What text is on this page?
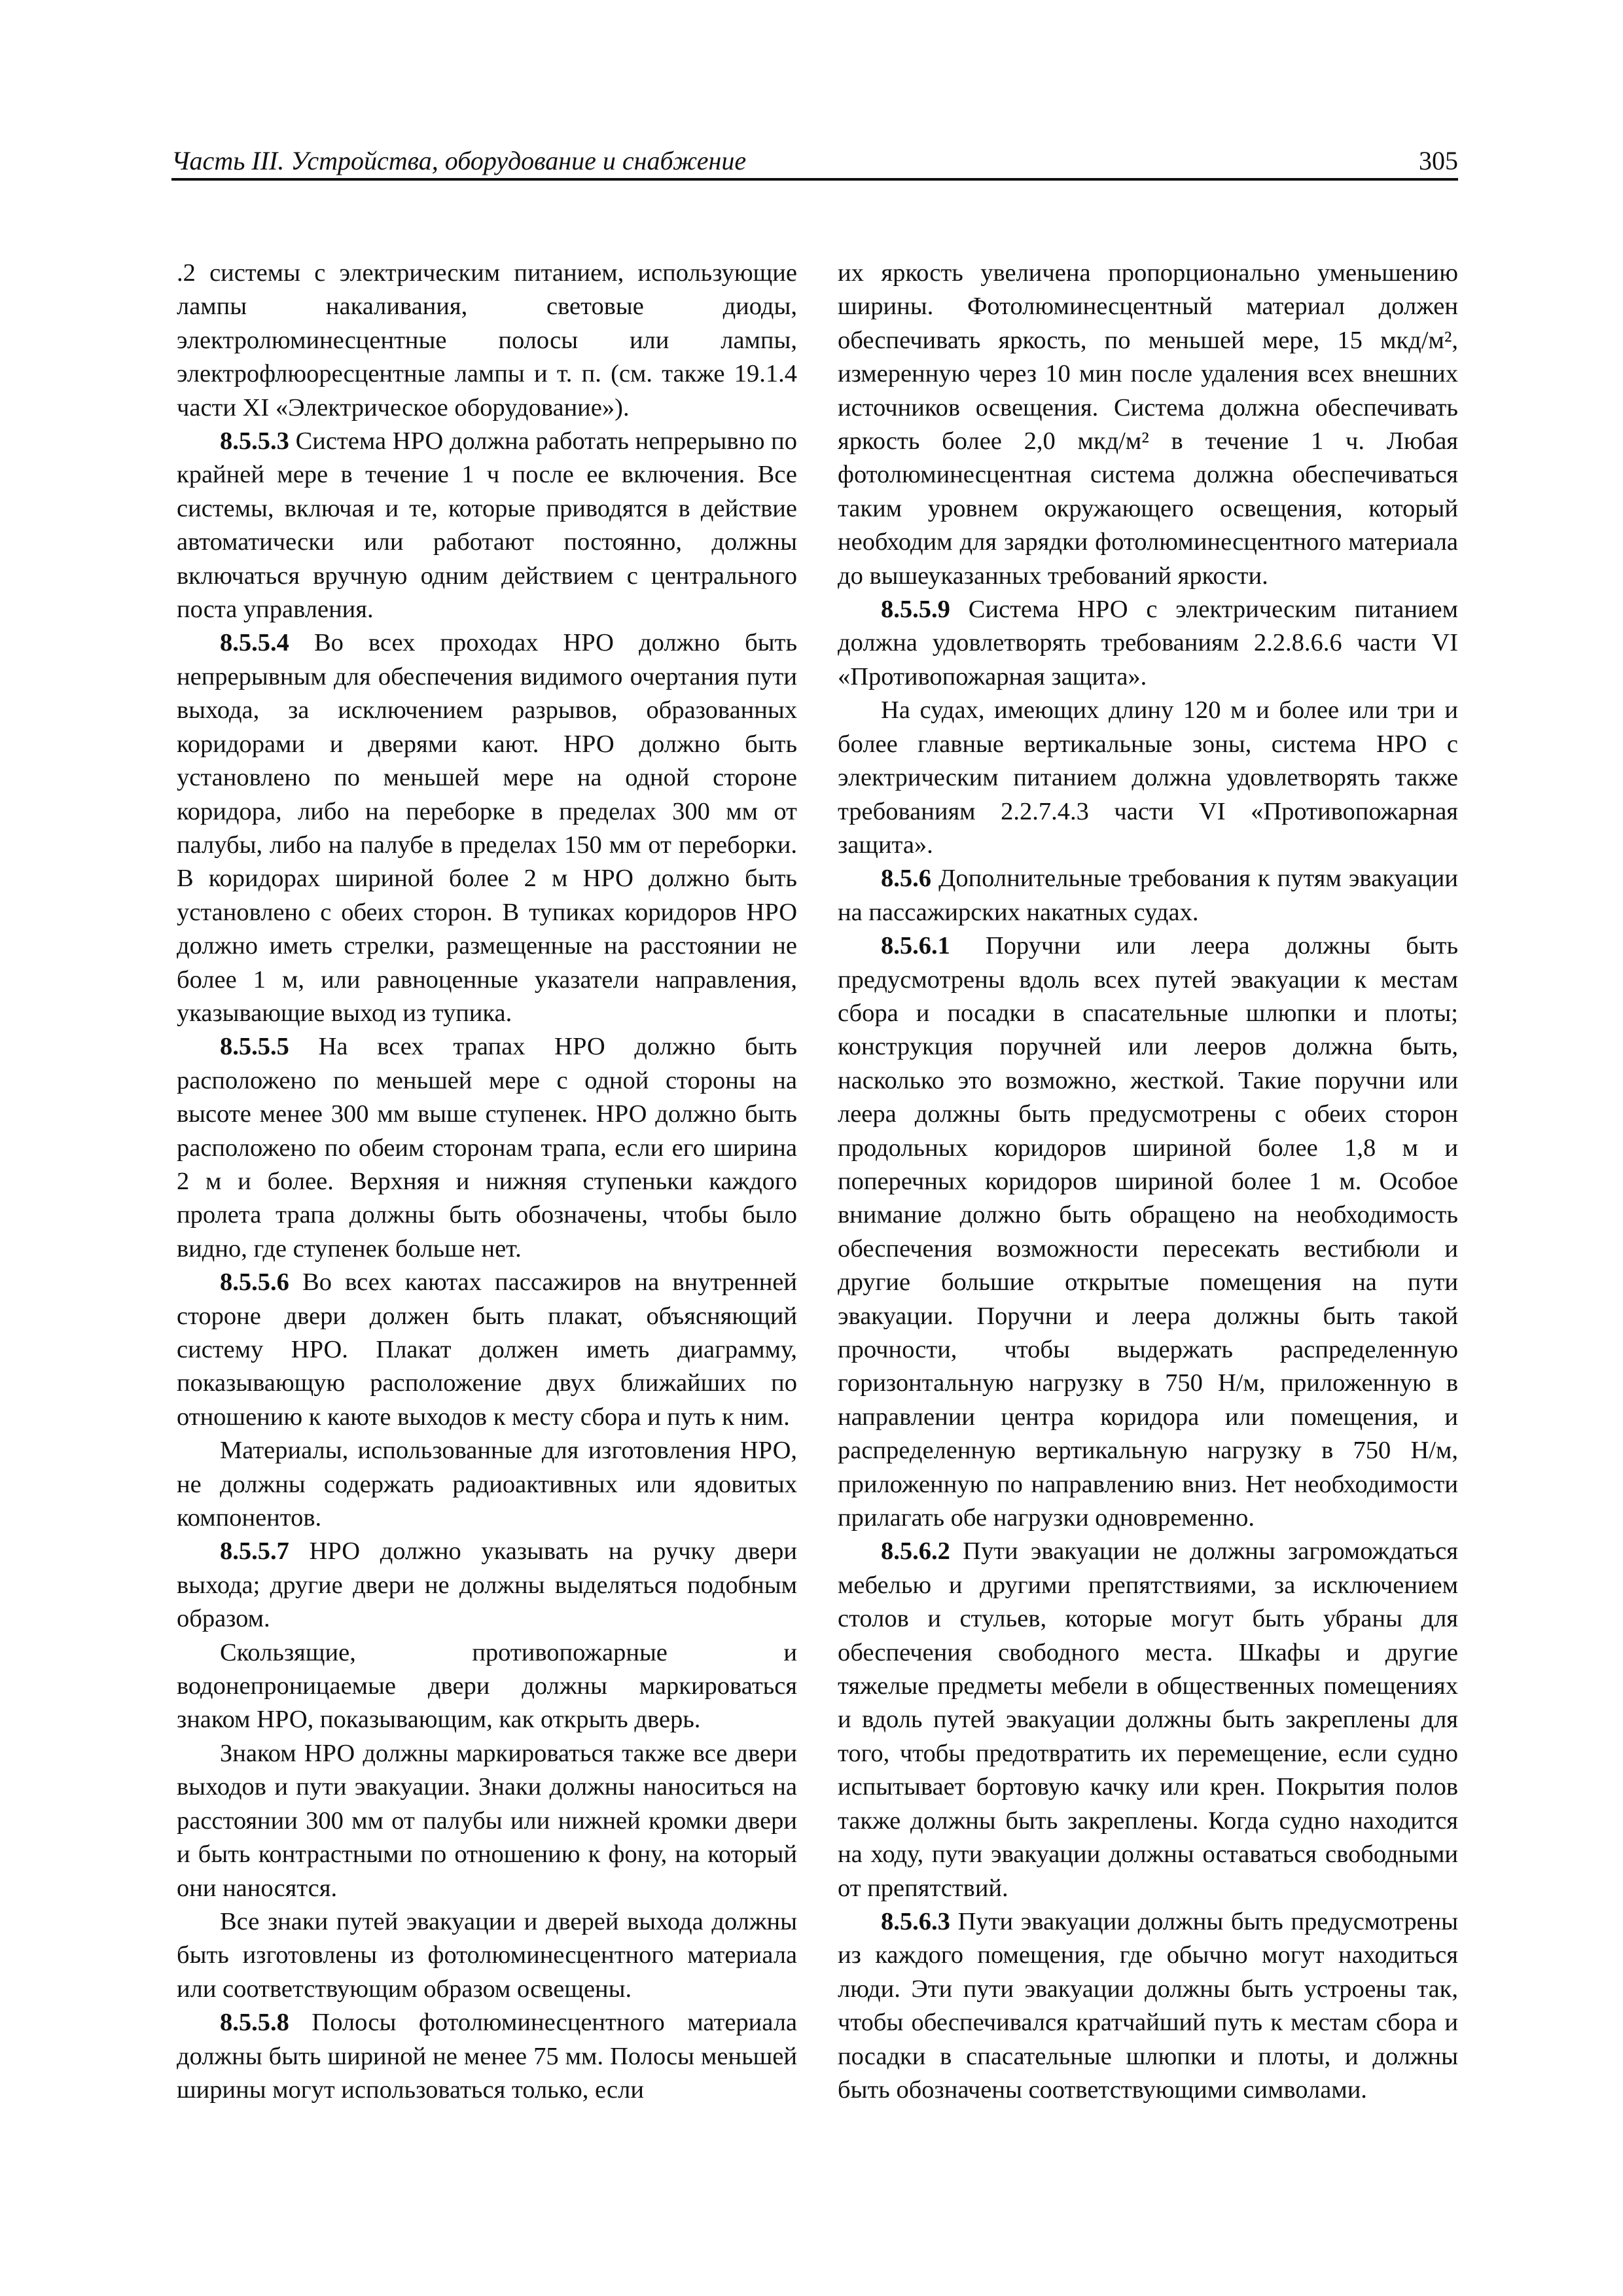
Часть III. Устройства, оборудование и снабжение	305

.2 системы с электрическим питанием, использующие лампы накаливания, световые диоды, электролюминесцентные полосы или лампы, электрофлюоресцентные лампы и т. п. (см. также 19.1.4 части XI «Электрическое оборудование»).

8.5.5.3 Система НРО должна работать непрерывно по крайней мере в течение 1 ч после ее включения. Все системы, включая и те, которые приводятся в действие автоматически или работают постоянно, должны включаться вручную одним действием с центрального поста управления.

8.5.5.4 Во всех проходах НРО должно быть непрерывным для обеспечения видимого очертания пути выхода, за исключением разрывов, образованных коридорами и дверями кают. НРО должно быть установлено по меньшей мере на одной стороне коридора, либо на переборке в пределах 300 мм от палубы, либо на палубе в пределах 150 мм от переборки. В коридорах шириной более 2 м НРО должно быть установлено с обеих сторон. В тупиках коридоров НРО должно иметь стрелки, размещенные на расстоянии не более 1 м, или равноценные указатели направления, указывающие выход из тупика.

8.5.5.5 На всех трапах НРО должно быть расположено по меньшей мере с одной стороны на высоте менее 300 мм выше ступенек. НРО должно быть расположено по обеим сторонам трапа, если его ширина 2 м и более. Верхняя и нижняя ступеньки каждого пролета трапа должны быть обозначены, чтобы было видно, где ступенек больше нет.

8.5.5.6 Во всех каютах пассажиров на внутренней стороне двери должен быть плакат, объясняющий систему НРО. Плакат должен иметь диаграмму, показывающую расположение двух ближайших по отношению к каюте выходов к месту сбора и путь к ним.

Материалы, использованные для изготовления НРО, не должны содержать радиоактивных или ядовитых компонентов.

8.5.5.7 НРО должно указывать на ручку двери выхода; другие двери не должны выделяться подобным образом.

Скользящие, противопожарные и водонепроницаемые двери должны маркироваться знаком НРО, показывающим, как открыть дверь.

Знаком НРО должны маркироваться также все двери выходов и пути эвакуации. Знаки должны наноситься на расстоянии 300 мм от палубы или нижней кромки двери и быть контрастными по отношению к фону, на который они наносятся.

Все знаки путей эвакуации и дверей выхода должны быть изготовлены из фотолюминесцентного материала или соответствующим образом освещены.

8.5.5.8 Полосы фотолюминесцентного материала должны быть шириной не менее 75 мм. Полосы меньшей ширины могут использоваться только, если

их яркость увеличена пропорционально уменьшению ширины. Фотолюминесцентный материал должен обеспечивать яркость, по меньшей мере, 15 мкд/м², измеренную через 10 мин после удаления всех внешних источников освещения. Система должна обеспечивать яркость более 2,0 мкд/м² в течение 1 ч. Любая фотолюминесцентная система должна обеспечиваться таким уровнем окружающего освещения, который необходим для зарядки фотолюминесцентного материала до вышеуказанных требований яркости.

8.5.5.9 Система НРО с электрическим питанием должна удовлетворять требованиям 2.2.8.6.6 части VI «Противопожарная защита».

На судах, имеющих длину 120 м и более или три и более главные вертикальные зоны, система НРО с электрическим питанием должна удовлетворять также требованиям 2.2.7.4.3 части VI «Противопожарная защита».

8.5.6 Дополнительные требования к путям эвакуации на пассажирских накатных судах.

8.5.6.1 Поручни или леера должны быть предусмотрены вдоль всех путей эвакуации к местам сбора и посадки в спасательные шлюпки и плоты; конструкция поручней или лееров должна быть, насколько это возможно, жесткой. Такие поручни или леера должны быть предусмотрены с обеих сторон продольных коридоров шириной более 1,8 м и поперечных коридоров шириной более 1 м. Особое внимание должно быть обращено на необходимость обеспечения возможности пересекать вестибюли и другие большие открытые помещения на пути эвакуации. Поручни и леера должны быть такой прочности, чтобы выдержать распределенную горизонтальную нагрузку в 750 Н/м, приложенную в направлении центра коридора или помещения, и распределенную вертикальную нагрузку в 750 Н/м, приложенную по направлению вниз. Нет необходимости прилагать обе нагрузки одновременно.

8.5.6.2 Пути эвакуации не должны загромождаться мебелью и другими препятствиями, за исключением столов и стульев, которые могут быть убраны для обеспечения свободного места. Шкафы и другие тяжелые предметы мебели в общественных помещениях и вдоль путей эвакуации должны быть закреплены для того, чтобы предотвратить их перемещение, если судно испытывает бортовую качку или крен. Покрытия полов также должны быть закреплены. Когда судно находится на ходу, пути эвакуации должны оставаться свободными от препятствий.

8.5.6.3 Пути эвакуации должны быть предусмотрены из каждого помещения, где обычно могут находиться люди. Эти пути эвакуации должны быть устроены так, чтобы обеспечивался кратчайший путь к местам сбора и посадки в спасательные шлюпки и плоты, и должны быть обозначены соответствующими символами.
